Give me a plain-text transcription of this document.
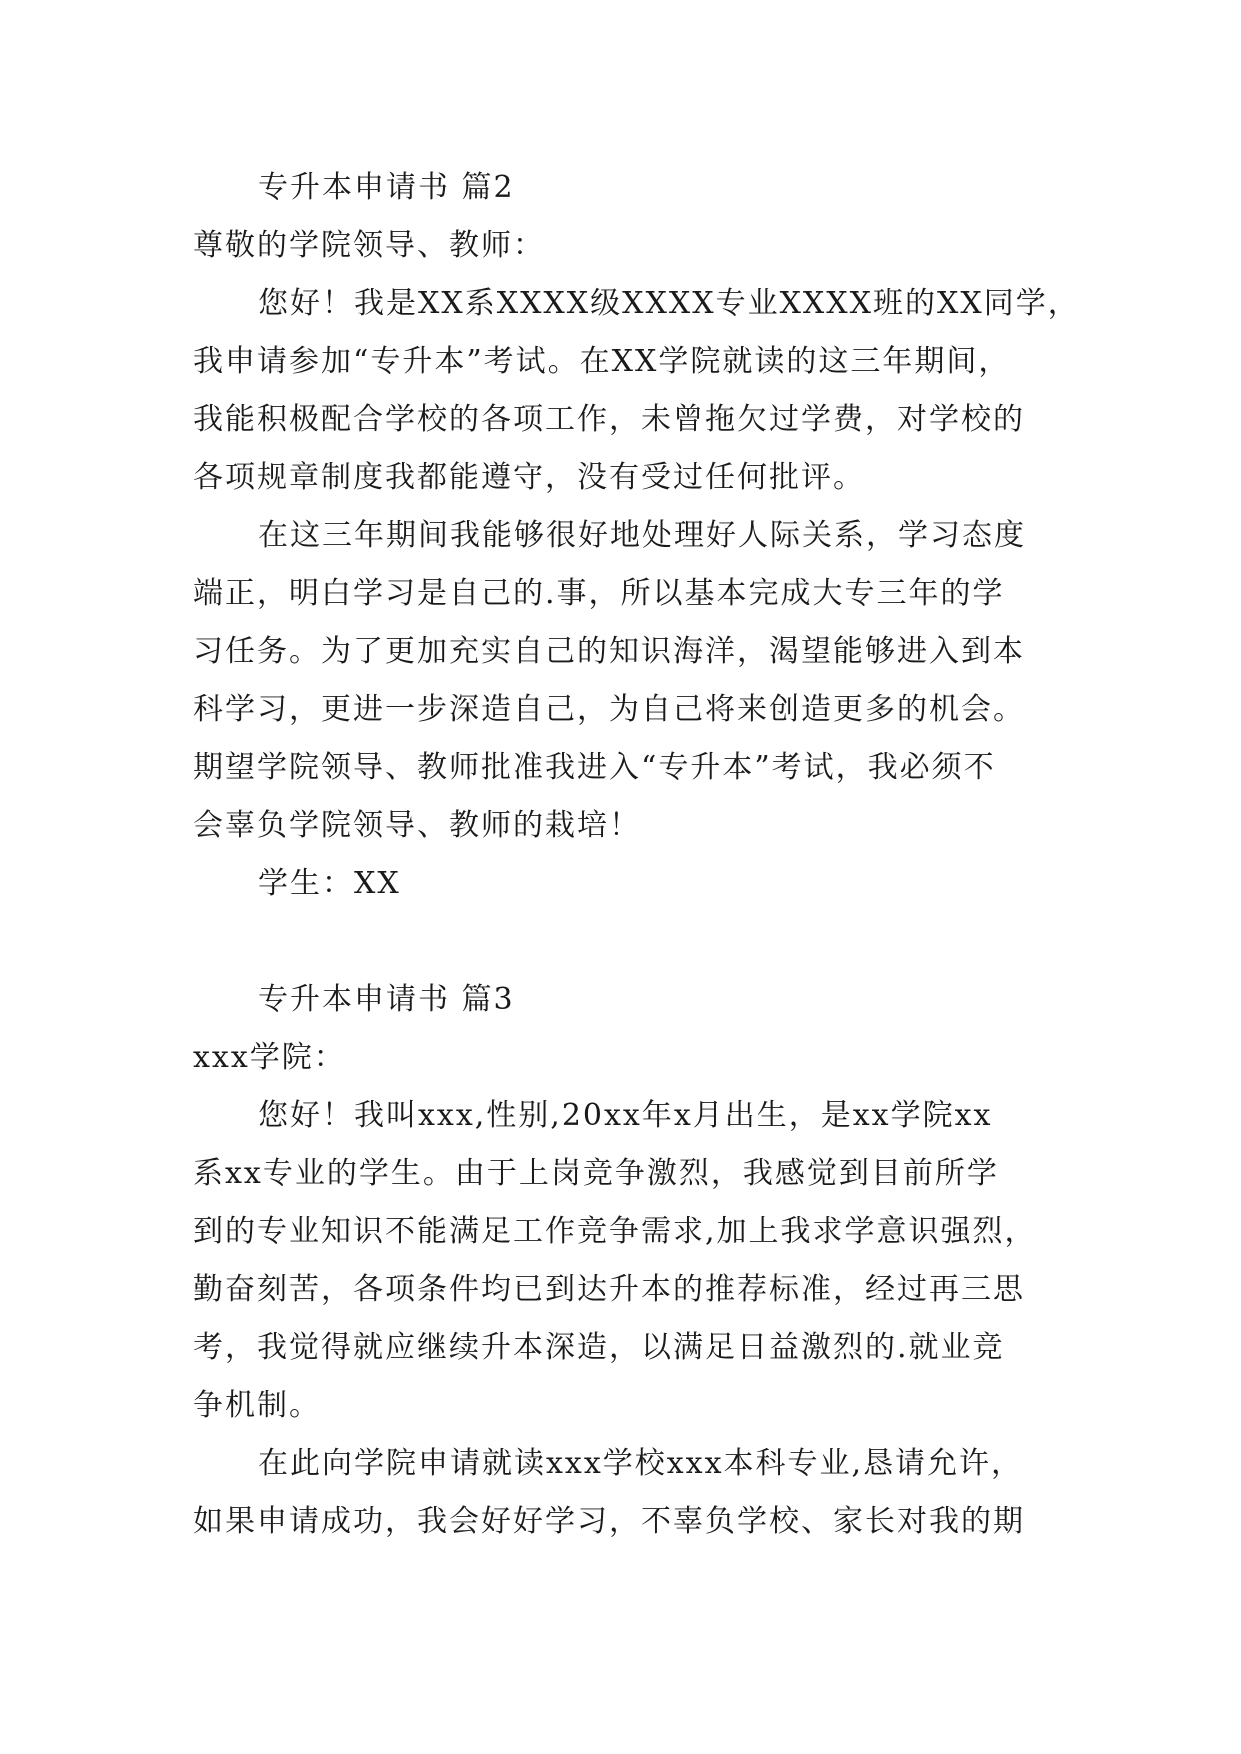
专升本申请书 篇2
尊敬的学院领导、教师：
您好！我是XX系XXXX级XXXX专业XXXX班的XX同学，
我申请参加“专升本”考试。在XX学院就读的这三年期间，
我能积极配合学校的各项工作，未曾拖欠过学费，对学校的
各项规章制度我都能遵守，没有受过任何批评。
在这三年期间我能够很好地处理好人际关系，学习态度
端正，明白学习是自己的.事，所以基本完成大专三年的学
习任务。为了更加充实自己的知识海洋，渴望能够进入到本
科学习，更进一步深造自己，为自己将来创造更多的机会。
期望学院领导、教师批准我进入“专升本”考试，我必须不
会辜负学院领导、教师的栽培！
学生：XX
专升本申请书 篇3
xxx学院：
您好！我叫xxx,性别,20xx年x月出生，是xx学院xx
系xx专业的学生。由于上岗竞争激烈，我感觉到目前所学
到的专业知识不能满足工作竞争需求,加上我求学意识强烈，
勤奋刻苦，各项条件均已到达升本的推荐标准，经过再三思
考，我觉得就应继续升本深造，以满足日益激烈的.就业竞
争机制。
在此向学院申请就读xxx学校xxx本科专业,恳请允许，
如果申请成功，我会好好学习，不辜负学校、家长对我的期
